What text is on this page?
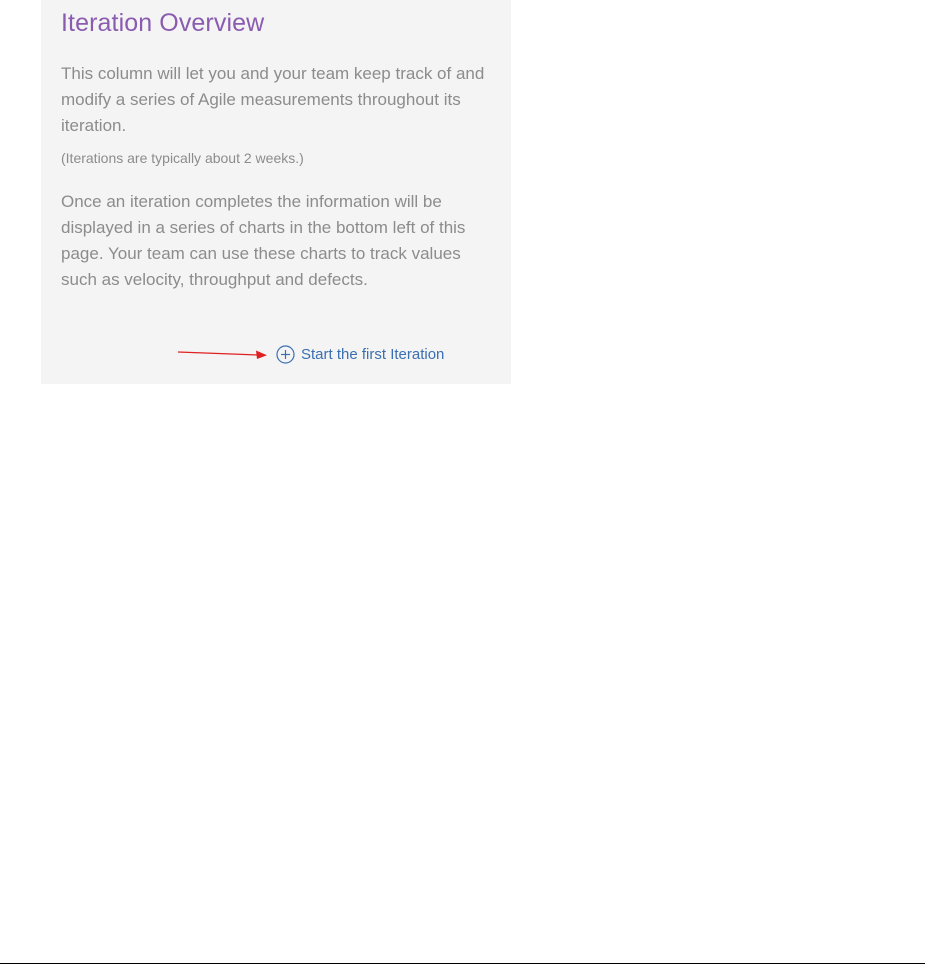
Iteration Overview

This column will let you and your team keep track of and modify a series of Agile measurements throughout its iteration.

(Iterations are typically about 2 weeks.)

Once an iteration completes the information will be displayed in a series of charts in the bottom left of this page. Your team can use these charts to track values such as velocity, throughput and defects.

Start the first Iteration
